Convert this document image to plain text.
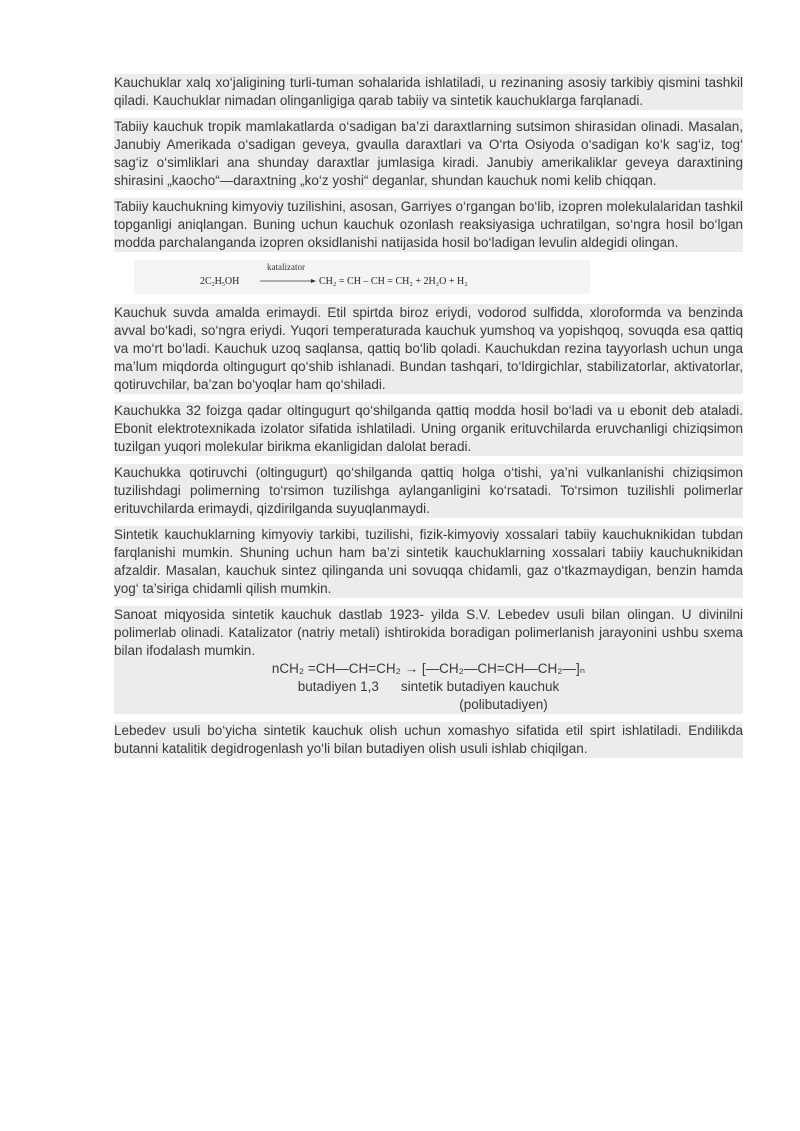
Kauchuklar xalq xo‘jaligining turli-tuman sohalarida ishlatiladi, u rezinaning asosiy tarkibiy qismini tashkil qiladi. Kauchuklar nimadan olinganligiga qarab tabiiy va sintetik kauchuklarga farqlanadi.

Tabiiy kauchuk tropik mamlakatlarda o‘sadigan ba’zi daraxtlarning sutsimon shirasidan olinadi. Masalan, Janubiy Amerikada o‘sadigan geveya, gvaulla daraxtlari va O‘rta Osiyoda o‘sadigan ko‘k sag‘iz, tog‘ sag‘iz o‘simliklari ana shunday daraxtlar jumlasiga kiradi. Janubiy amerikaliklar geveya daraxtining shirasini „kaocho“—daraxtning „ko‘z yoshi“ deganlar, shundan kauchuk nomi kelib chiqqan.

Tabiiy kauchukning kimyoviy tuzilishini, asosan, Garriyes o‘rgangan bo‘lib, izopren molekulalaridan tashkil topganligi aniqlangan. Buning uchun kauchuk ozonlash reaksiyasiga uchratilgan, so‘ngra hosil bo‘lgan modda parchalanganda izopren oksidlanishi natijasida hosil bo‘ladigan levulin aldegidi olingan.

katalizator
$2C_2H_5OH$	CH₂ = CH – CH = CH₂ + 2H₂O + H₂

Kauchuk suvda amalda erimaydi. Etil spirtda biroz eriydi, vodorod sulfidda, xloroformda va benzinda avval bo‘kadi, so‘ngra eriydi. Yuqori temperaturada kauchuk yumshoq va yopishqoq, sovuqda esa qattiq va mo‘rt bo‘ladi. Kauchuk uzoq saqlansa, qattiq bo‘lib qoladi. Kauchukdan rezina tayyorlash uchun unga ma’lum miqdorda oltingugurt qo‘shib ishlanadi. Bundan tashqari, to‘ldirgichlar, stabilizatorlar, aktivatorlar, qotiruvchilar, ba’zan bo‘yoqlar ham qo‘shiladi.

Kauchukka 32 foizga qadar oltingugurt qo‘shilganda qattiq modda hosil bo‘ladi va u ebonit deb ataladi. Ebonit elektrotexnikada izolator sifatida ishlatiladi. Uning organik erituvchilarda eruvchanligi chiziqsimon tuzilgan yuqori molekular birikma ekanligidan dalolat beradi.

Kauchukka qotiruvchi (oltingugurt) qo‘shilganda qattiq holga o‘tishi, ya’ni vulkanlanishi chiziqsimon tuzilishdagi polimerning to‘rsimon tuzilishga aylanganligini ko‘rsatadi. To‘rsimon tuzilishli polimerlar erituvchilarda erimaydi, qizdirilganda suyuqlanmaydi.

Sintetik kauchuklarning kimyoviy tarkibi, tuzilishi, fizik-kimyoviy xossalari tabiiy kauchuknikidan tubdan farqlanishi mumkin. Shuning uchun ham ba’zi sintetik kauchuklarning xossalari tabiiy kauchuknikidan afzaldir. Masalan, kauchuk sintez qilinganda uni sovuqqa chidamli, gaz o‘tkazmaydigan, benzin hamda yog‘ ta’siriga chidamli qilish mumkin.

Sanoat miqyosida sintetik kauchuk dastlab 1923- yilda S.V. Lebedev usuli bilan olingan. U divinilni polimerlab olinadi. Katalizator (natriy metali) ishtirokida boradigan polimerlanish jarayonini ushbu sxema bilan ifodalash mumkin.

nCH₂ =CH—CH=CH₂ → [—CH₂—CH=CH—CH₂—]ₙ
butadiyen 1,3 sintetik butadiyen kauchuk
(polibutadiyen)

Lebedev usuli bo‘yicha sintetik kauchuk olish uchun xomashyo sifatida etil spirt ishlatiladi. Endilikda butanni katalitik degidrogenlash yo‘li bilan butadiyen olish usuli ishlab chiqilgan.
